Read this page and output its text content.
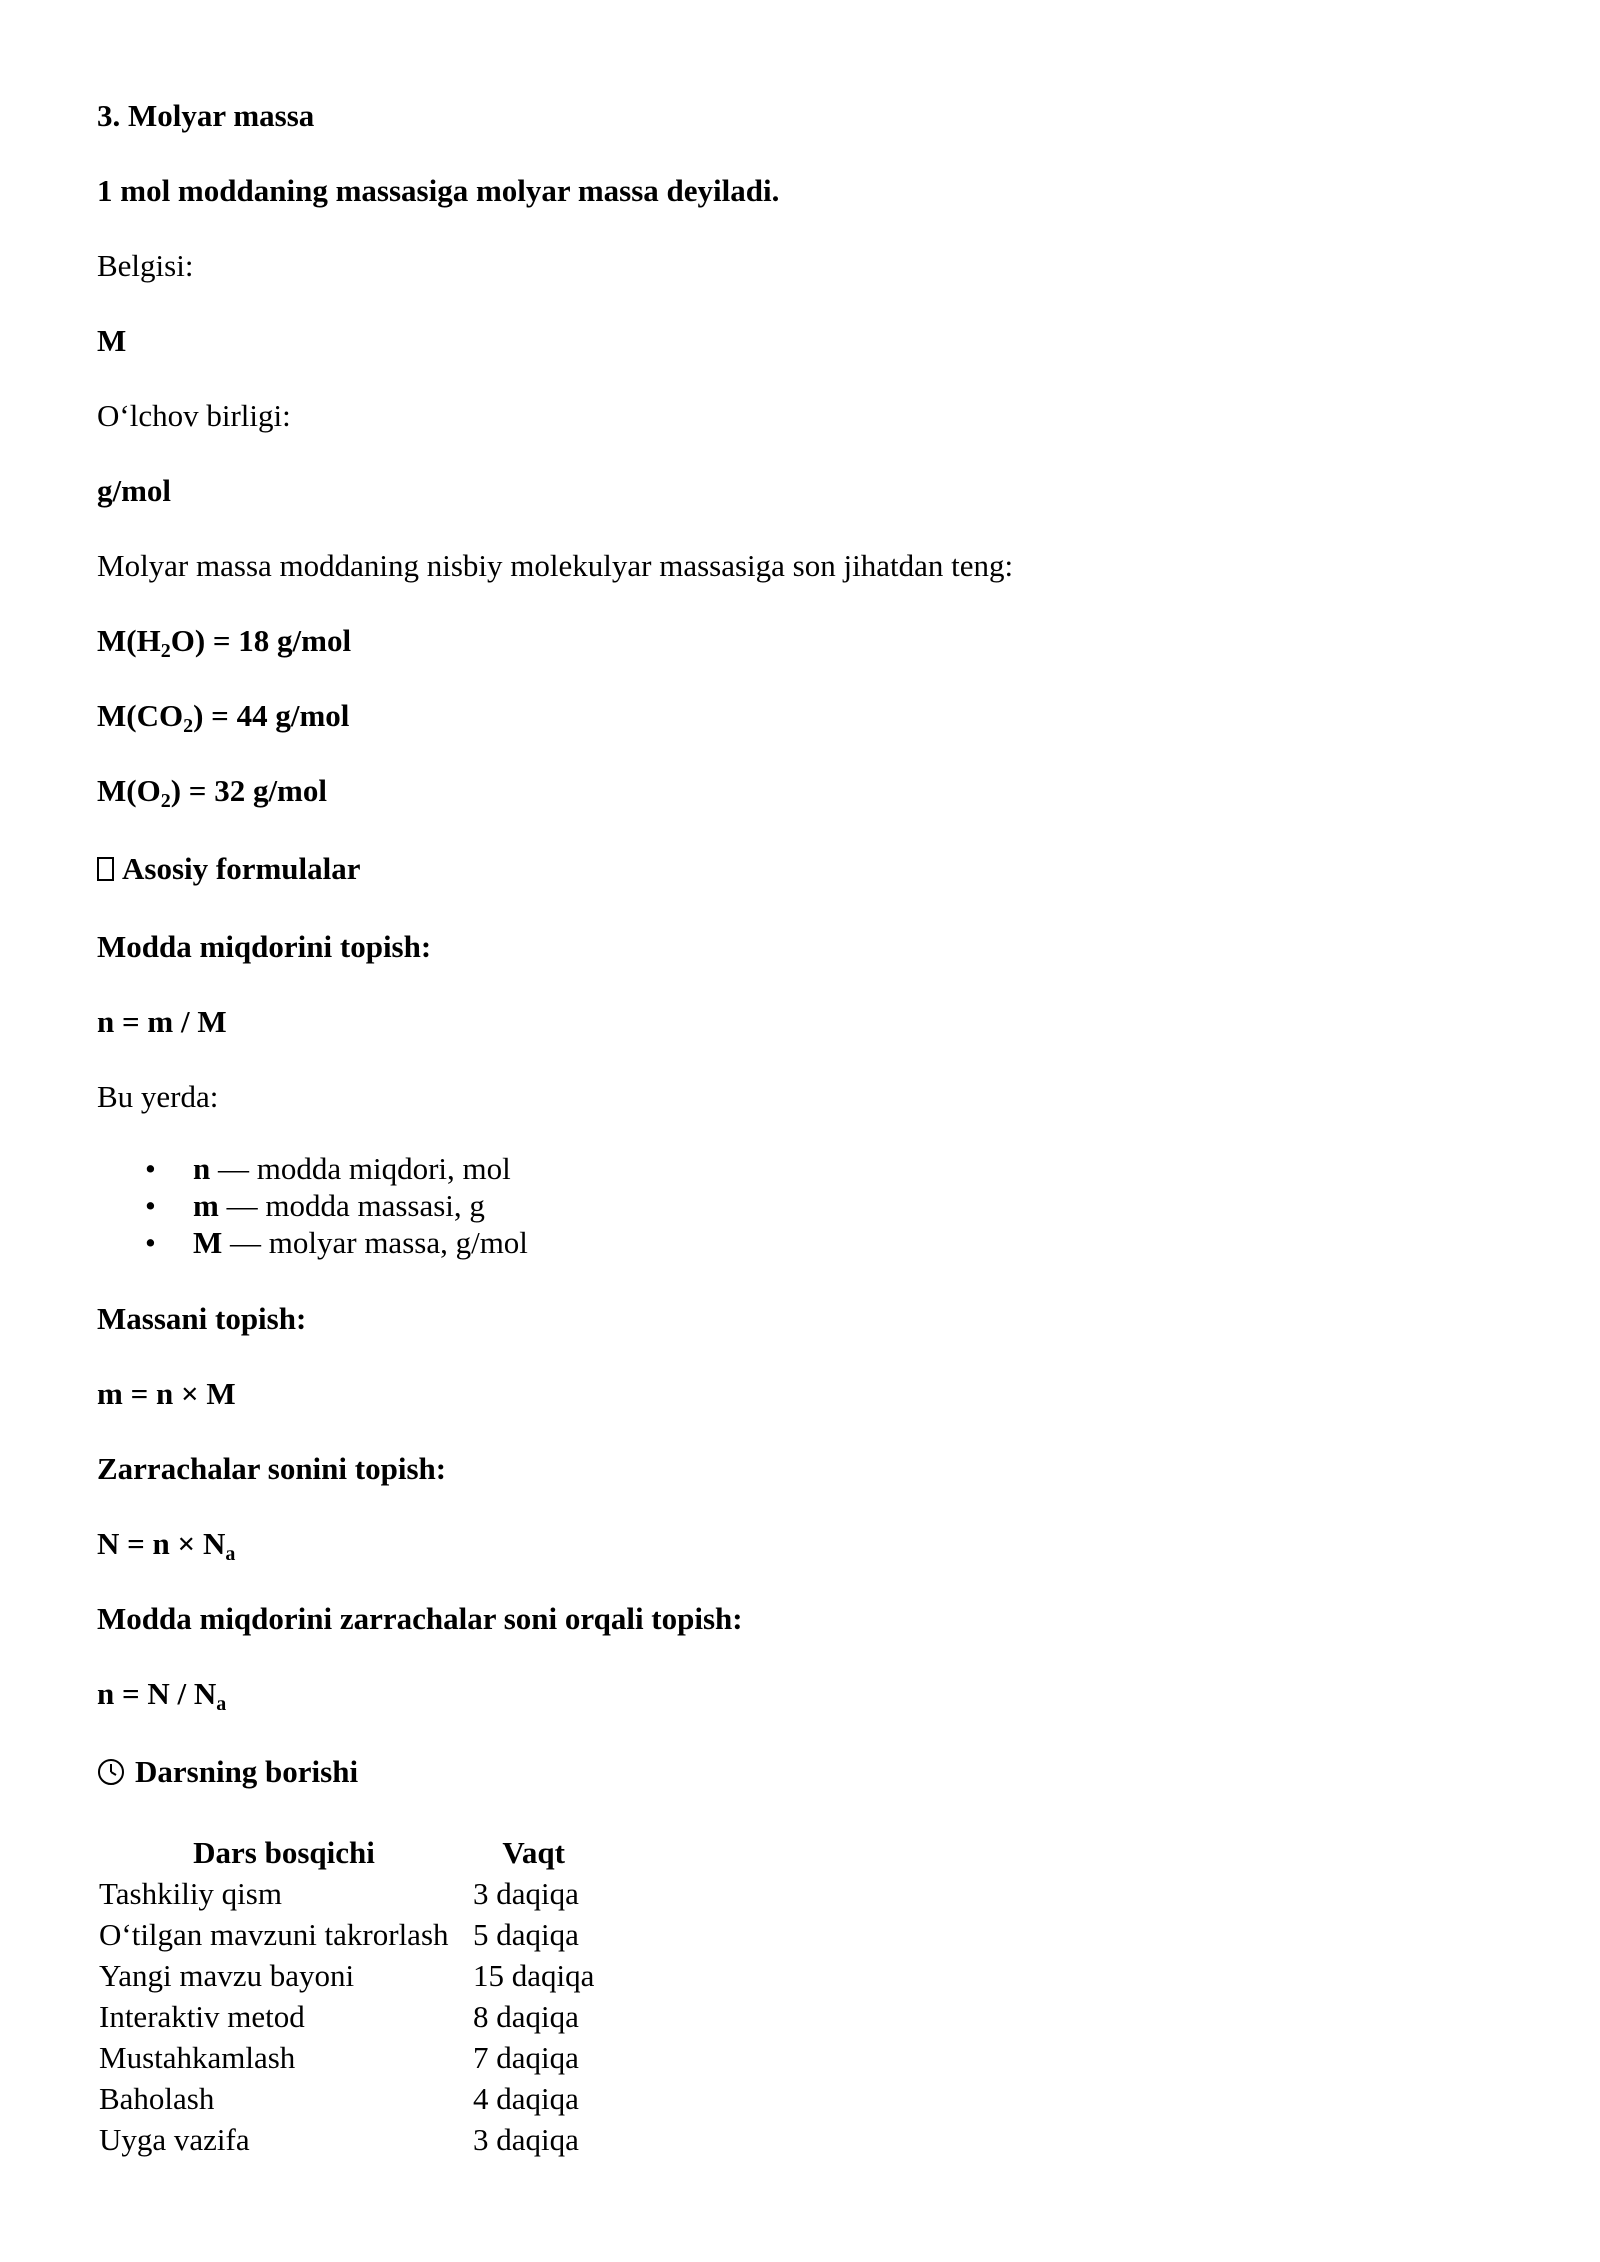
3. Molyar massa
1 mol moddaning massasiga molyar massa deyiladi.
Belgisi:
M
O‘lchov birligi:
g/mol
Molyar massa moddaning nisbiy molekulyar massasiga son jihatdan teng:
$M(H_2O) = 18$ g/mol
$M(CO_2) = 44$ g/mol
$M(O_2) = 32$ g/mol
Asosiy formulalar
Modda miqdorini topish:
n = m / M
Bu yerda:
• n — modda miqdori, mol
• m — modda massasi, g
• M — molyar massa, g/mol
Massani topish:
m = n × M
Zarrachalar sonini topish:
$N = n \times N_a$
Modda miqdorini zarrachalar soni orqali topish:
$n = N / N_a$
Darsning borishi
Dars bosqichi	Vaqt
Tashkiliy qism	3 daqiqa
O‘tilgan mavzuni takrorlash	5 daqiqa
Yangi mavzu bayoni	15 daqiqa
Interaktiv metod	8 daqiqa
Mustahkamlash	7 daqiqa
Baholash	4 daqiqa
Uyga vazifa	3 daqiqa
